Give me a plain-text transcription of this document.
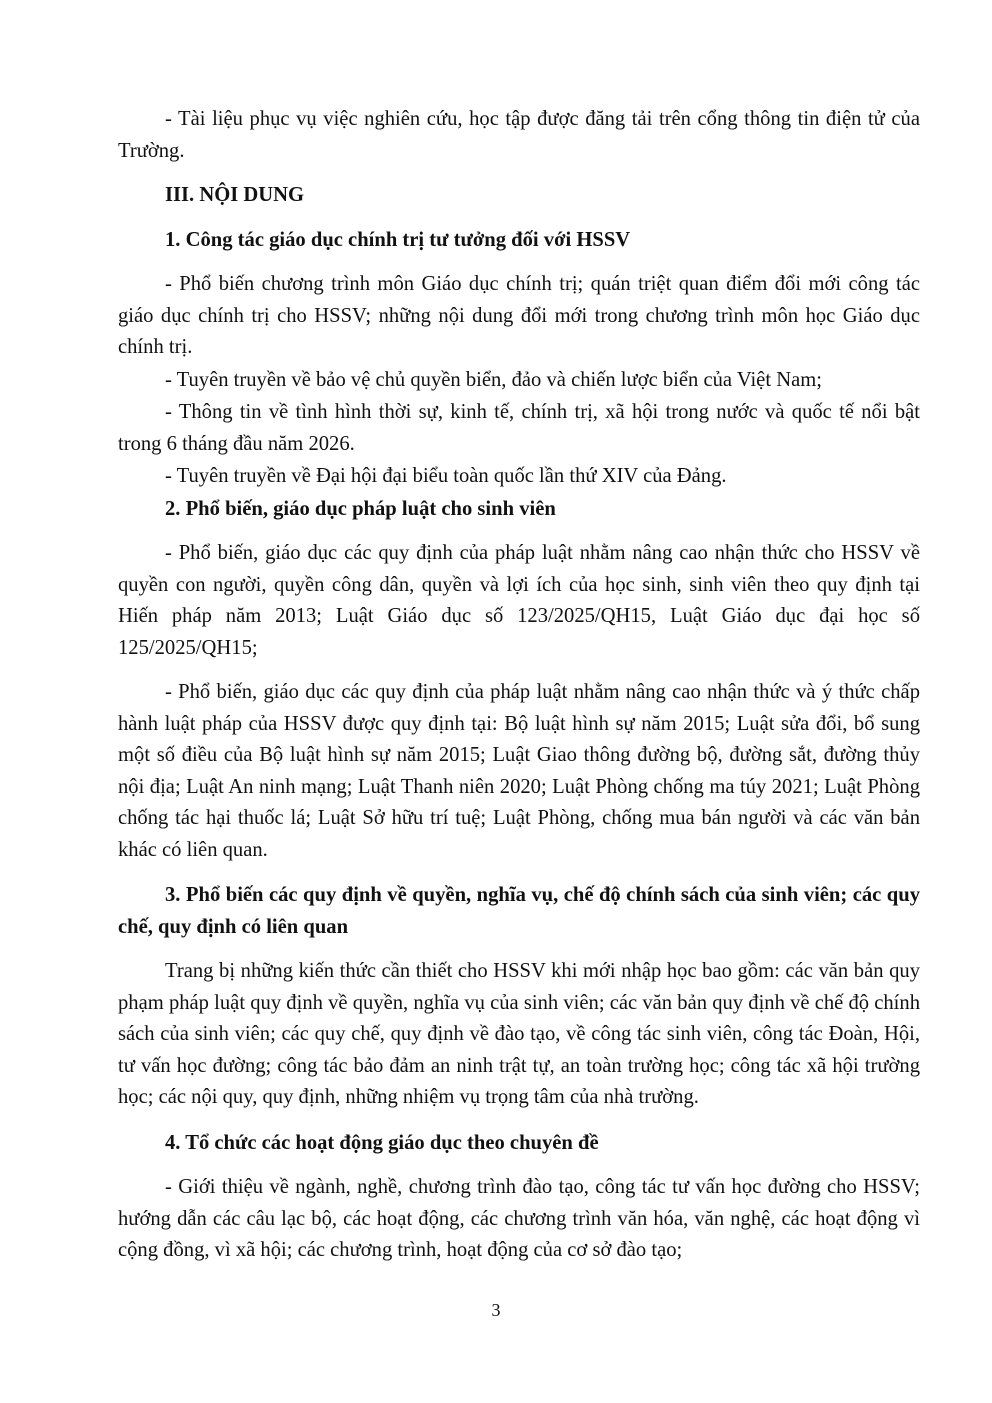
- Tài liệu phục vụ việc nghiên cứu, học tập được đăng tải trên cổng thông tin điện tử của Trường.

III. NỘI DUNG
1. Công tác giáo dục chính trị tư tưởng đối với HSSV

- Phổ biến chương trình môn Giáo dục chính trị; quán triệt quan điểm đổi mới công tác giáo dục chính trị cho HSSV; những nội dung đổi mới trong chương trình môn học Giáo dục chính trị.

- Tuyên truyền về bảo vệ chủ quyền biển, đảo và chiến lược biển của Việt Nam;

- Thông tin về tình hình thời sự, kinh tế, chính trị, xã hội trong nước và quốc tế nổi bật trong 6 tháng đầu năm 2026.

- Tuyên truyền về Đại hội đại biểu toàn quốc lần thứ XIV của Đảng.

2. Phổ biến, giáo dục pháp luật cho sinh viên

- Phổ biến, giáo dục các quy định của pháp luật nhằm nâng cao nhận thức cho HSSV về quyền con người, quyền công dân, quyền và lợi ích của học sinh, sinh viên theo quy định tại Hiến pháp năm 2013; Luật Giáo dục số 123/2025/QH15, Luật Giáo dục đại học số 125/2025/QH15;

- Phổ biến, giáo dục các quy định của pháp luật nhằm nâng cao nhận thức và ý thức chấp hành luật pháp của HSSV được quy định tại: Bộ luật hình sự năm 2015; Luật sửa đổi, bổ sung một số điều của Bộ luật hình sự năm 2015; Luật Giao thông đường bộ, đường sắt, đường thủy nội địa; Luật An ninh mạng; Luật Thanh niên 2020; Luật Phòng chống ma túy 2021; Luật Phòng chống tác hại thuốc lá; Luật Sở hữu trí tuệ; Luật Phòng, chống mua bán người và các văn bản khác có liên quan.

3. Phổ biến các quy định về quyền, nghĩa vụ, chế độ chính sách của sinh viên; các quy chế, quy định có liên quan

Trang bị những kiến thức cần thiết cho HSSV khi mới nhập học bao gồm: các văn bản quy phạm pháp luật quy định về quyền, nghĩa vụ của sinh viên; các văn bản quy định về chế độ chính sách của sinh viên; các quy chế, quy định về đào tạo, về công tác sinh viên, công tác Đoàn, Hội, tư vấn học đường; công tác bảo đảm an ninh trật tự, an toàn trường học; công tác xã hội trường học; các nội quy, quy định, những nhiệm vụ trọng tâm của nhà trường.

4. Tổ chức các hoạt động giáo dục theo chuyên đề

- Giới thiệu về ngành, nghề, chương trình đào tạo, công tác tư vấn học đường cho HSSV; hướng dẫn các câu lạc bộ, các hoạt động, các chương trình văn hóa, văn nghệ, các hoạt động vì cộng đồng, vì xã hội; các chương trình, hoạt động của cơ sở đào tạo;

3
